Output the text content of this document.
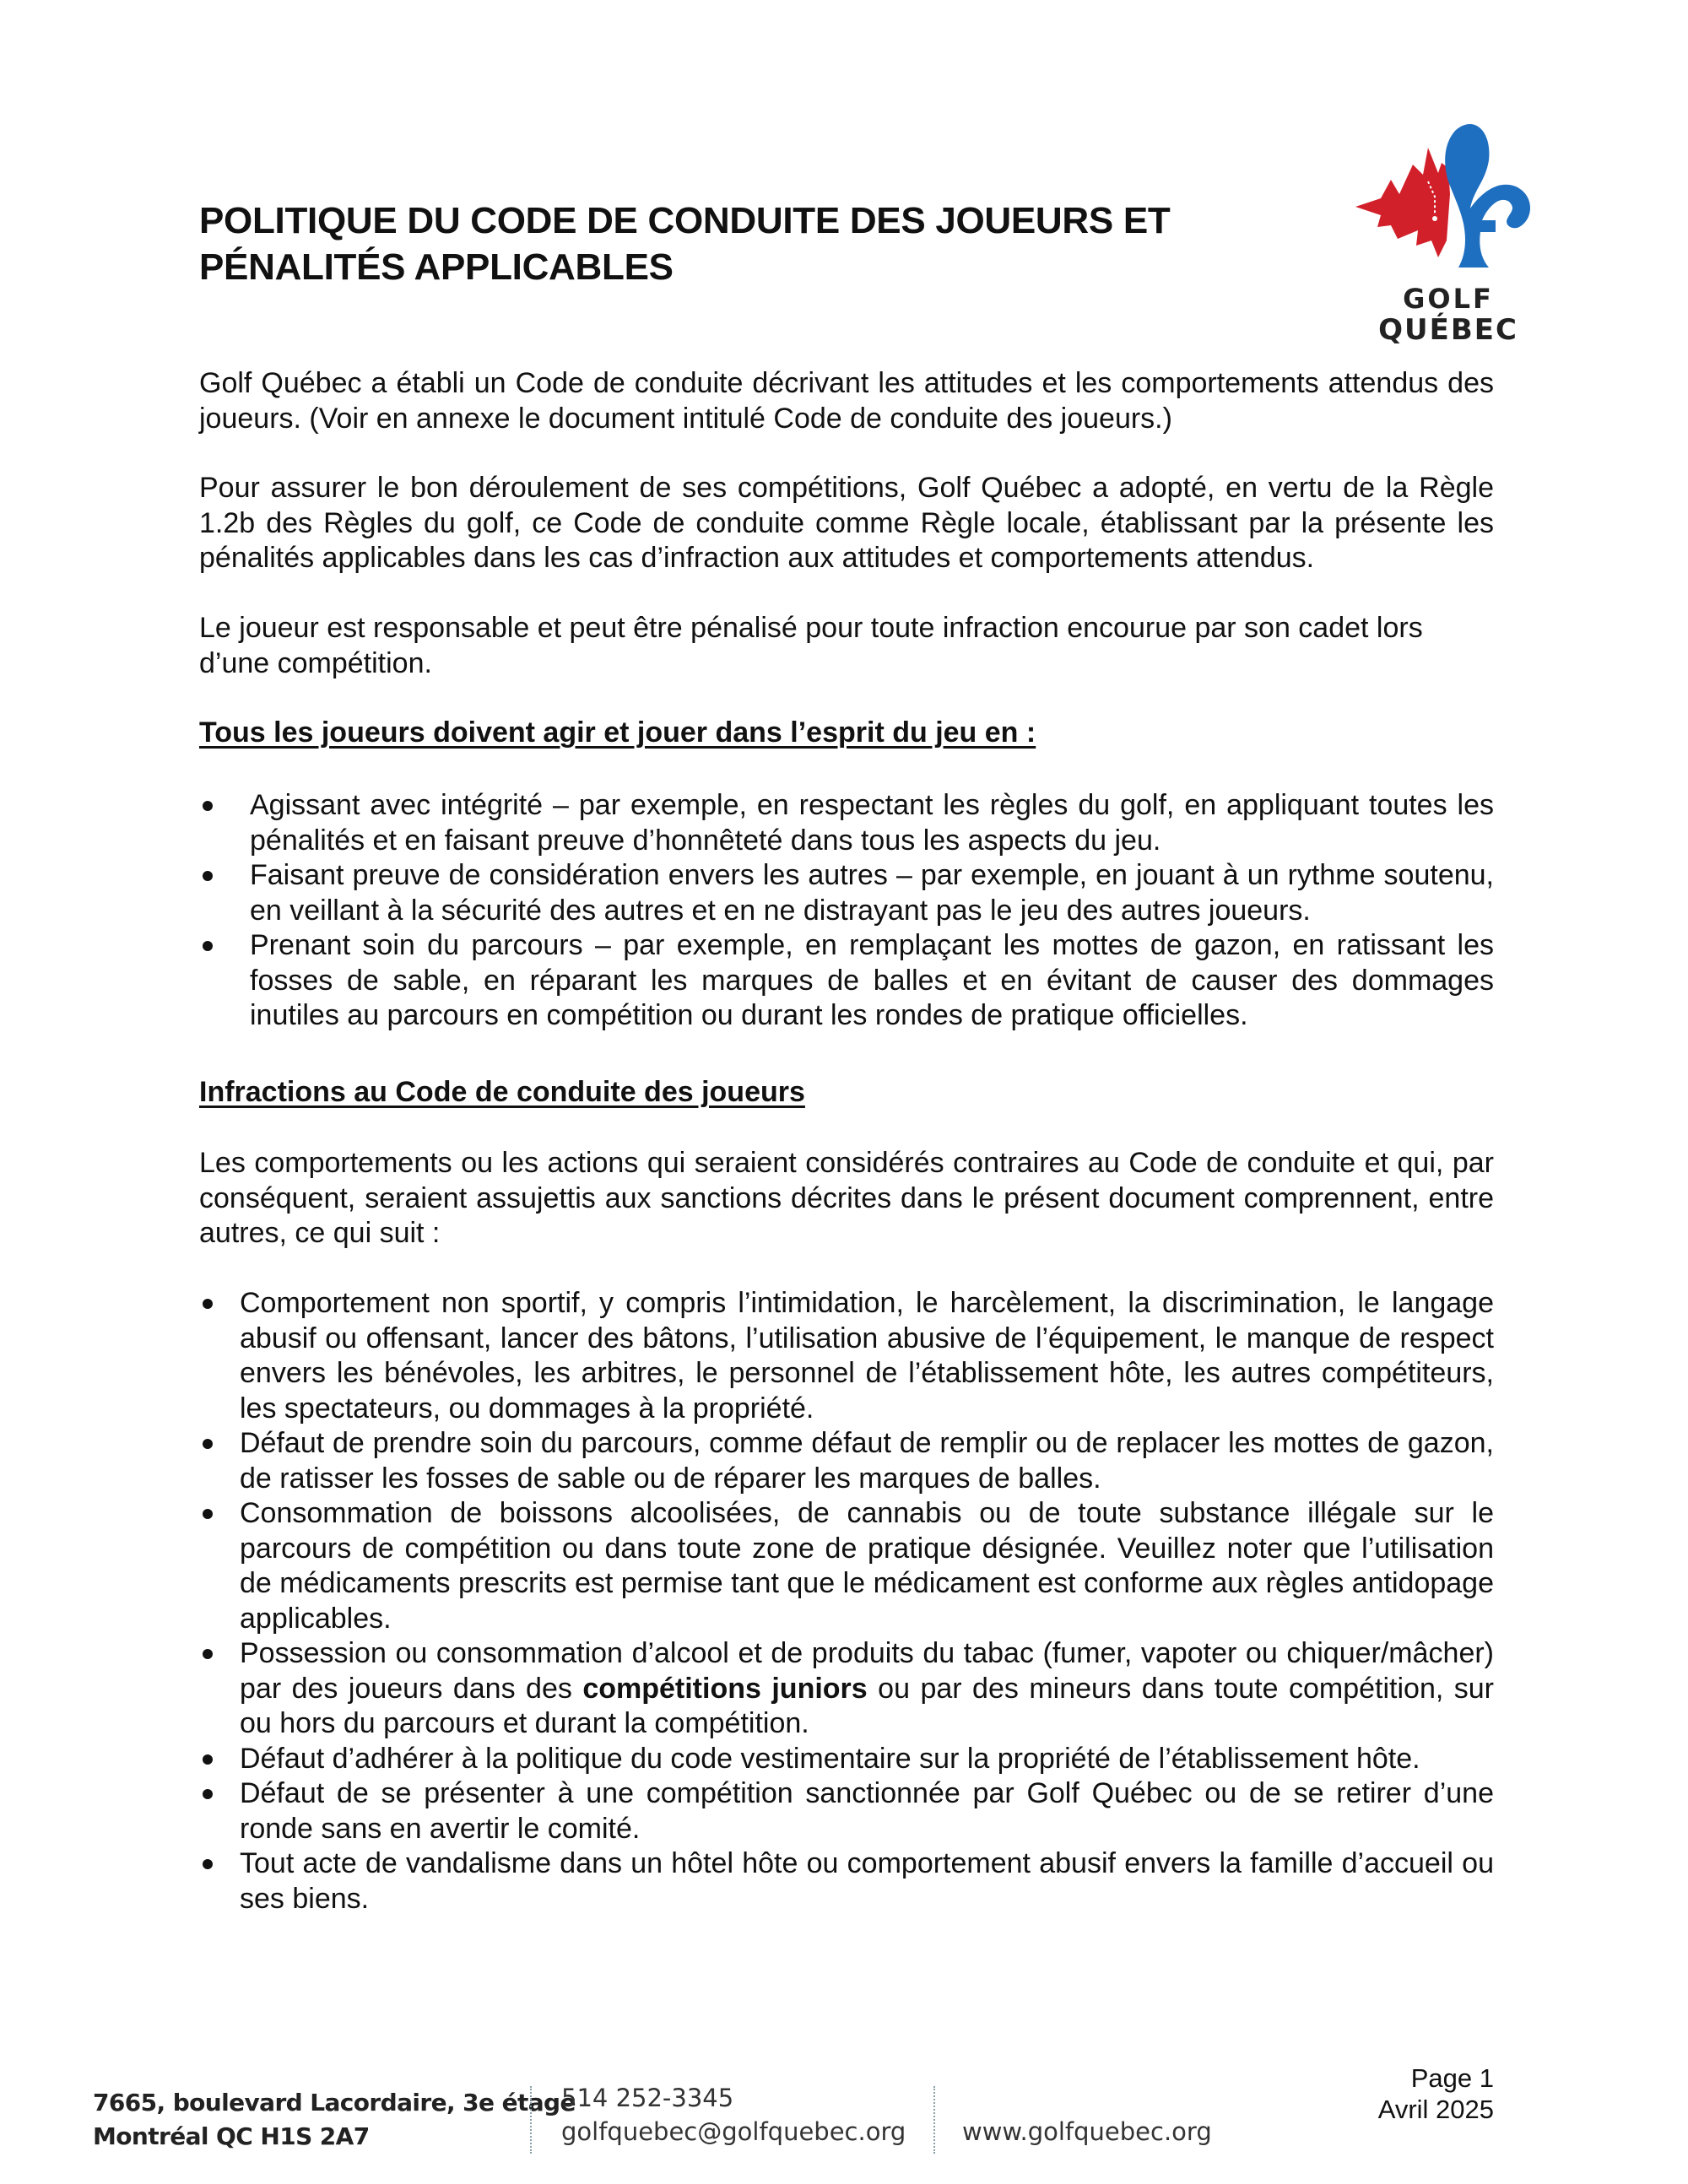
POLITIQUE DU CODE DE CONDUITE DES JOUEURS ET
PÉNALITÉS APPLICABLES
GOLF
QUÉBEC

Golf Québec a établi un Code de conduite décrivant les attitudes et les comportements attendus des joueurs. (Voir en annexe le document intitulé Code de conduite des joueurs.)

Pour assurer le bon déroulement de ses compétitions, Golf Québec a adopté, en vertu de la Règle 1.2b des Règles du golf, ce Code de conduite comme Règle locale, établissant par la présente les pénalités applicables dans les cas d’infraction aux attitudes et comportements attendus.

Le joueur est responsable et peut être pénalisé pour toute infraction encourue par son cadet lors d’une compétition.

Tous les joueurs doivent agir et jouer dans l’esprit du jeu en :

Agissant avec intégrité – par exemple, en respectant les règles du golf, en appliquant toutes les pénalités et en faisant preuve d’honnêteté dans tous les aspects du jeu.
Faisant preuve de considération envers les autres – par exemple, en jouant à un rythme soutenu, en veillant à la sécurité des autres et en ne distrayant pas le jeu des autres joueurs.
Prenant soin du parcours – par exemple, en remplaçant les mottes de gazon, en ratissant les fosses de sable, en réparant les marques de balles et en évitant de causer des dommages inutiles au parcours en compétition ou durant les rondes de pratique officielles.

Infractions au Code de conduite des joueurs

Les comportements ou les actions qui seraient considérés contraires au Code de conduite et qui, par conséquent, seraient assujettis aux sanctions décrites dans le présent document comprennent, entre autres, ce qui suit :

Comportement non sportif, y compris l’intimidation, le harcèlement, la discrimination, le langage abusif ou offensant, lancer des bâtons, l’utilisation abusive de l’équipement, le manque de respect envers les bénévoles, les arbitres, le personnel de l’établissement hôte, les autres compétiteurs, les spectateurs, ou dommages à la propriété.
Défaut de prendre soin du parcours, comme défaut de remplir ou de replacer les mottes de gazon, de ratisser les fosses de sable ou de réparer les marques de balles.
Consommation de boissons alcoolisées, de cannabis ou de toute substance illégale sur le parcours de compétition ou dans toute zone de pratique désignée. Veuillez noter que l’utilisation de médicaments prescrits est permise tant que le médicament est conforme aux règles antidopage applicables.
Possession ou consommation d’alcool et de produits du tabac (fumer, vapoter ou chiquer/mâcher) par des joueurs dans des compétitions juniors ou par des mineurs dans toute compétition, sur ou hors du parcours et durant la compétition.
Défaut d’adhérer à la politique du code vestimentaire sur la propriété de l’établissement hôte.
Défaut de se présenter à une compétition sanctionnée par Golf Québec ou de se retirer d’une ronde sans en avertir le comité.
Tout acte de vandalisme dans un hôtel hôte ou comportement abusif envers la famille d’accueil ou ses biens.
7665, boulevard Lacordaire, 3e étage
Montréal QC H1S 2A7
514 252-3345
golfquebec@golfquebec.org www.golfquebec.org
Page 1
Avril 2025
